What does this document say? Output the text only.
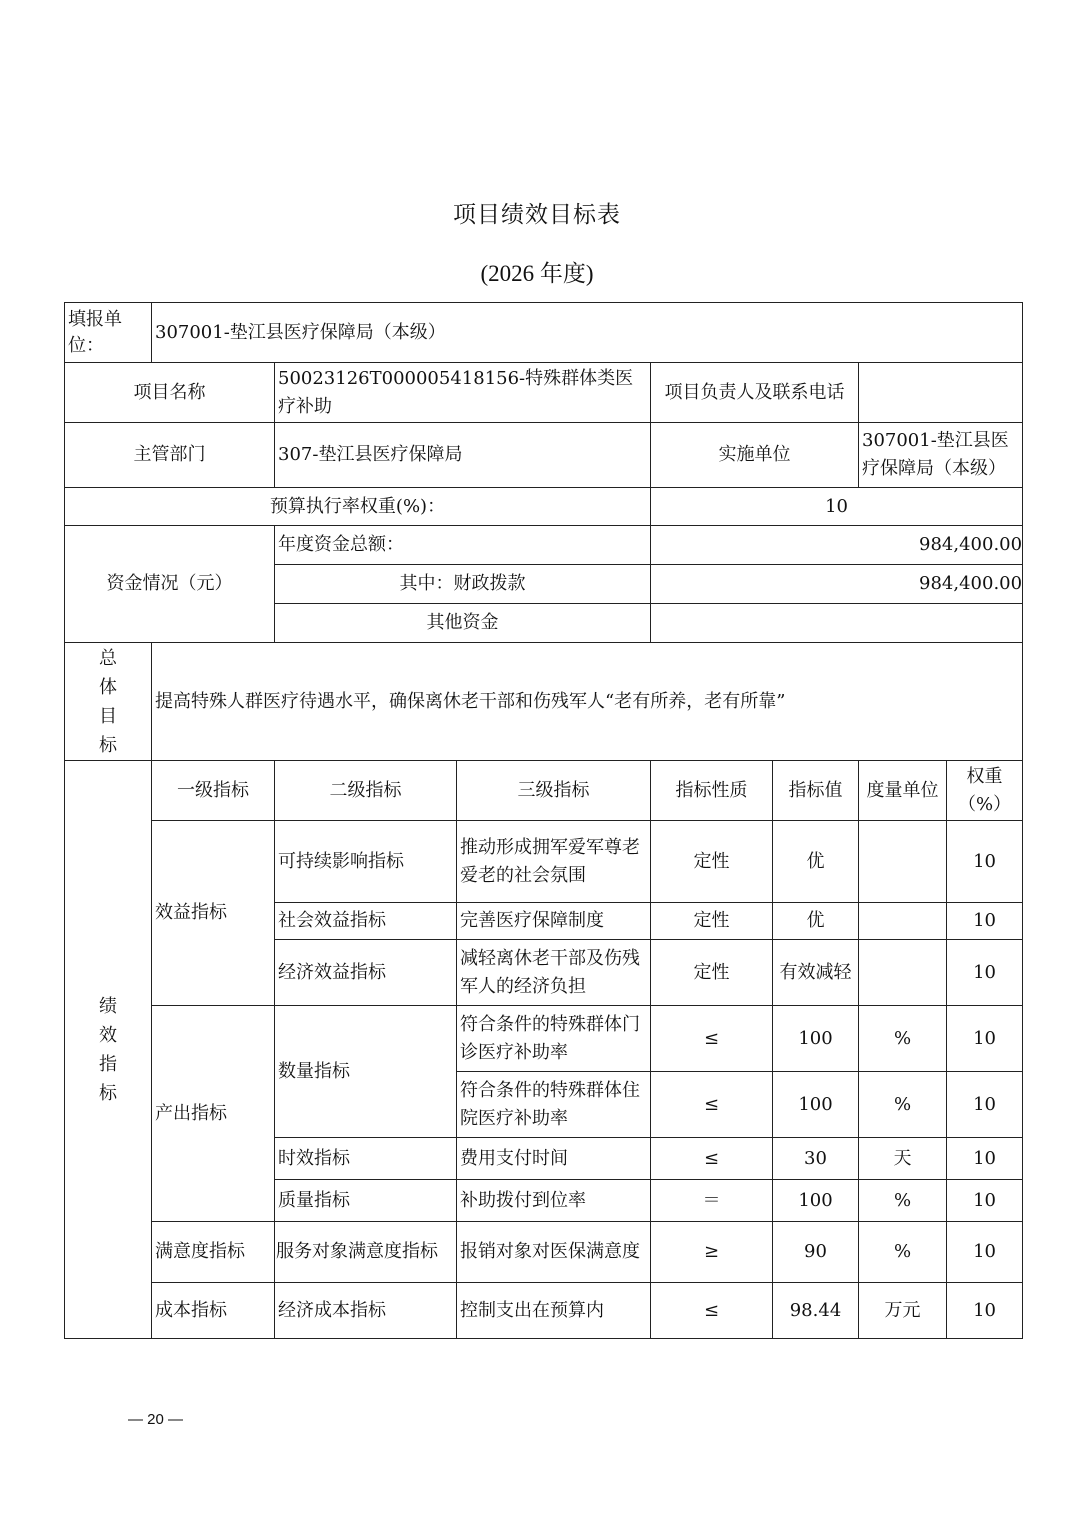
项目绩效目标表
(2026 年度)
填报单位：	307001-垫江县医疗保障局（本级）						
项目名称		50023126T000005418156-特殊群体类医疗补助		项目负责人及联系电话			
主管部门		307-垫江县医疗保障局		实施单位		307001-垫江县医疗保障局（本级）	
预算执行率权重(%)：				10			
资金情况（元）		年度资金总额：		984,400.00			
		其中：财政拨款		984,400.00			
		其他资金					

总
体
目
标	提高特殊人群医疗待遇水平，确保离休老干部和伤残军人“老有所养，老有所靠”						

绩
效
指
标	一级指标	二级指标	三级指标	指标性质	指标值	度量单位	权重（%）
	效益指标	可持续影响指标	推动形成拥军爱军尊老爱老的社会氛围	定性	优		10
		社会效益指标	完善医疗保障制度	定性	优		10
		经济效益指标	减轻离休老干部及伤残军人的经济负担	定性	有效减轻		10
	产出指标	数量指标	符合条件的特殊群体门诊医疗补助率	≤	100	%	10
			符合条件的特殊群体住院医疗补助率	≤	100	%	10
		时效指标	费用支付时间	≤	30	天	10
		质量指标	补助拨付到位率	＝	100	%	10
	满意度指标	服务对象满意度指标	报销对象对医保满意度	≥	90	%	10
	成本指标	经济成本指标	控制支出在预算内	≤	98.44	万元	10
— 20 —
